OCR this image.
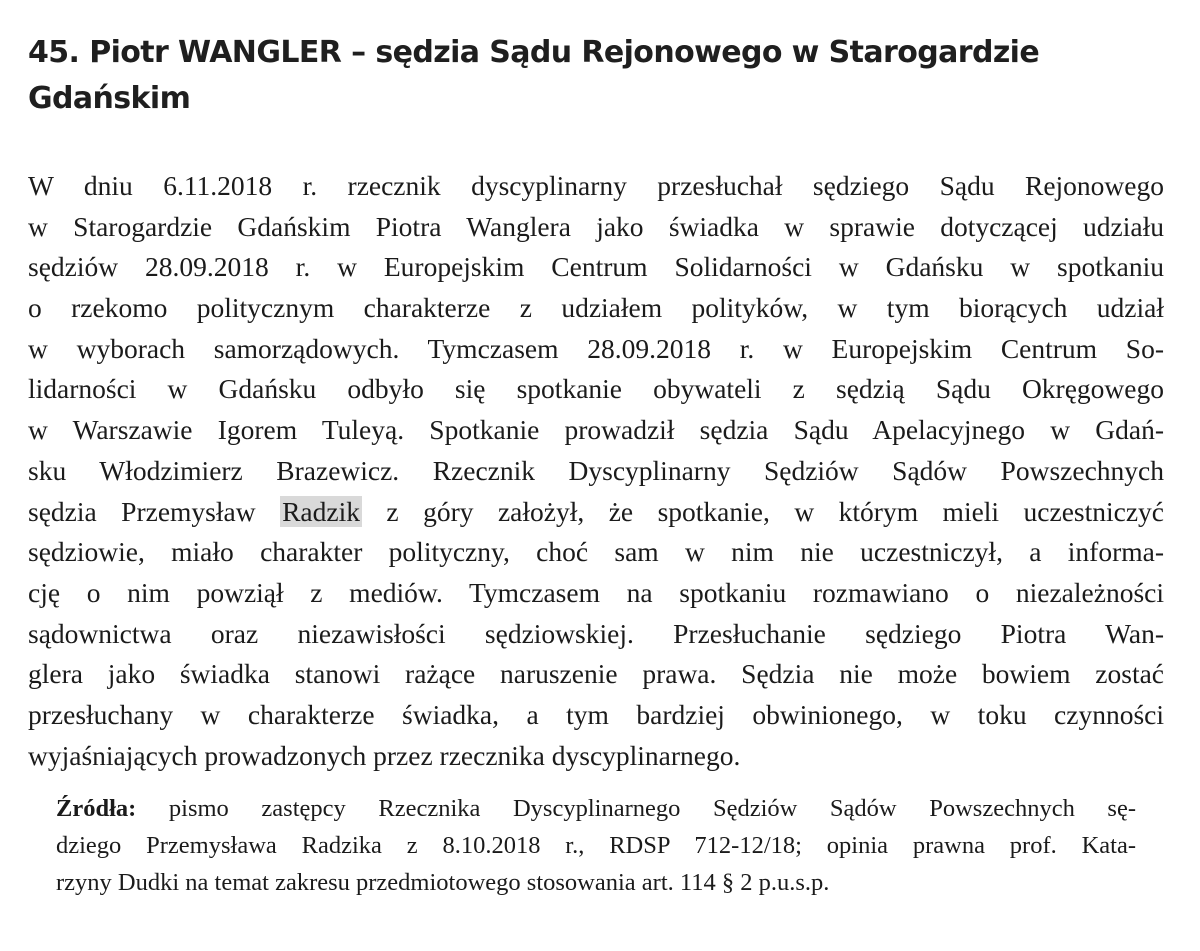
45. Piotr WANGLER – sędzia Sądu Rejonowego w Starogardzie
Gdańskim
W dniu 6.11.2018 r. rzecznik dyscyplinarny przesłuchał sędziego Sądu Rejonowego
w Starogardzie Gdańskim Piotra Wanglera jako świadka w sprawie dotyczącej udziału
sędziów 28.09.2018 r. w Europejskim Centrum Solidarności w Gdańsku w spotkaniu
o rzekomo politycznym charakterze z udziałem polityków, w tym biorących udział
w wyborach samorządowych. Tymczasem 28.09.2018 r. w Europejskim Centrum So-
lidarności w Gdańsku odbyło się spotkanie obywateli z sędzią Sądu Okręgowego
w Warszawie Igorem Tuleyą. Spotkanie prowadził sędzia Sądu Apelacyjnego w Gdań-
sku Włodzimierz Brazewicz. Rzecznik Dyscyplinarny Sędziów Sądów Powszechnych
sędzia Przemysław Radzik z góry założył, że spotkanie, w którym mieli uczestniczyć
sędziowie, miało charakter polityczny, choć sam w nim nie uczestniczył, a informa-
cję o nim powziął z mediów. Tymczasem na spotkaniu rozmawiano o niezależności
sądownictwa oraz niezawisłości sędziowskiej. Przesłuchanie sędziego Piotra Wan-
glera jako świadka stanowi rażące naruszenie prawa. Sędzia nie może bowiem zostać
przesłuchany w charakterze świadka, a tym bardziej obwinionego, w toku czynności
wyjaśniających prowadzonych przez rzecznika dyscyplinarnego.
Źródła: pismo zastępcy Rzecznika Dyscyplinarnego Sędziów Sądów Powszechnych sę-
dziego Przemysława Radzika z 8.10.2018 r., RDSP 712-12/18; opinia prawna prof. Kata-
rzyny Dudki na temat zakresu przedmiotowego stosowania art. 114 § 2 p.u.s.p.
